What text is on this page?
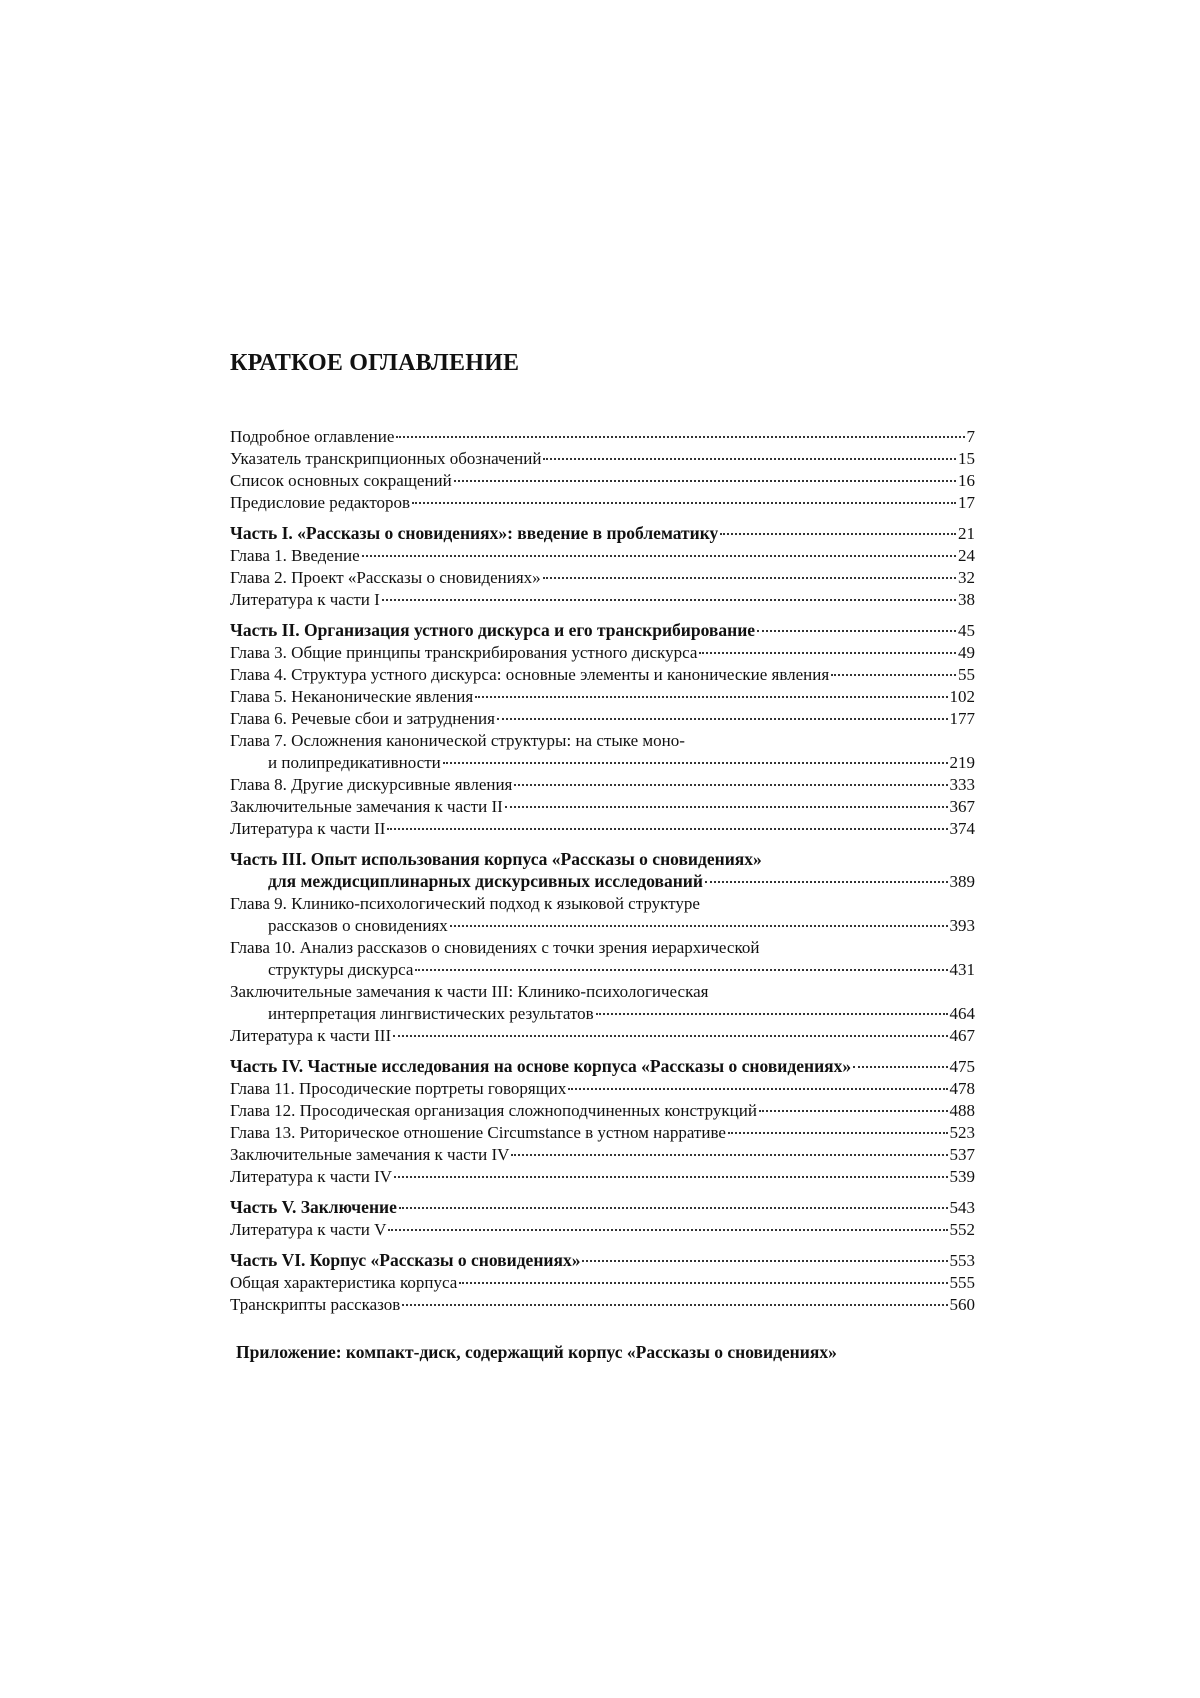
КРАТКОЕ ОГЛАВЛЕНИЕ
Подробное оглавление	7
Указатель транскрипционных обозначений	15
Список основных сокращений	16
Предисловие редакторов	17
Часть I. «Рассказы о сновидениях»: введение в проблематику	21
Глава 1. Введение	24
Глава 2. Проект «Рассказы о сновидениях»	32
Литература к части I	38
Часть II. Организация устного дискурса и его транскрибирование	45
Глава 3. Общие принципы транскрибирования устного дискурса	49
Глава 4. Структура устного дискурса: основные элементы и канонические явления	55
Глава 5. Неканонические явления	102
Глава 6. Речевые сбои и затруднения	177
Глава 7. Осложнения канонической структуры: на стыке моно-
и полипредикативности	219
Глава 8. Другие дискурсивные явления	333
Заключительные замечания к части II	367
Литература к части II	374
Часть III. Опыт использования корпуса «Рассказы о сновидениях»
для междисциплинарных дискурсивных исследований	389
Глава 9. Клинико-психологический подход к языковой структуре
рассказов о сновидениях	393
Глава 10. Анализ рассказов о сновидениях с точки зрения иерархической
структуры дискурса	431
Заключительные замечания к части III: Клинико-психологическая
интерпретация лингвистических результатов	464
Литература к части III	467
Часть IV. Частные исследования на основе корпуса «Рассказы о сновидениях»	475
Глава 11. Просодические портреты говорящих	478
Глава 12. Просодическая организация сложноподчиненных конструкций	488
Глава 13. Риторическое отношение Circumstance в устном нарративе	523
Заключительные замечания к части IV	537
Литература к части IV	539
Часть V. Заключение	543
Литература к части V	552
Часть VI. Корпус «Рассказы о сновидениях»	553
Общая характеристика корпуса	555
Транскрипты рассказов	560
Приложение: компакт-диск, содержащий корпус «Рассказы о сновидениях»
